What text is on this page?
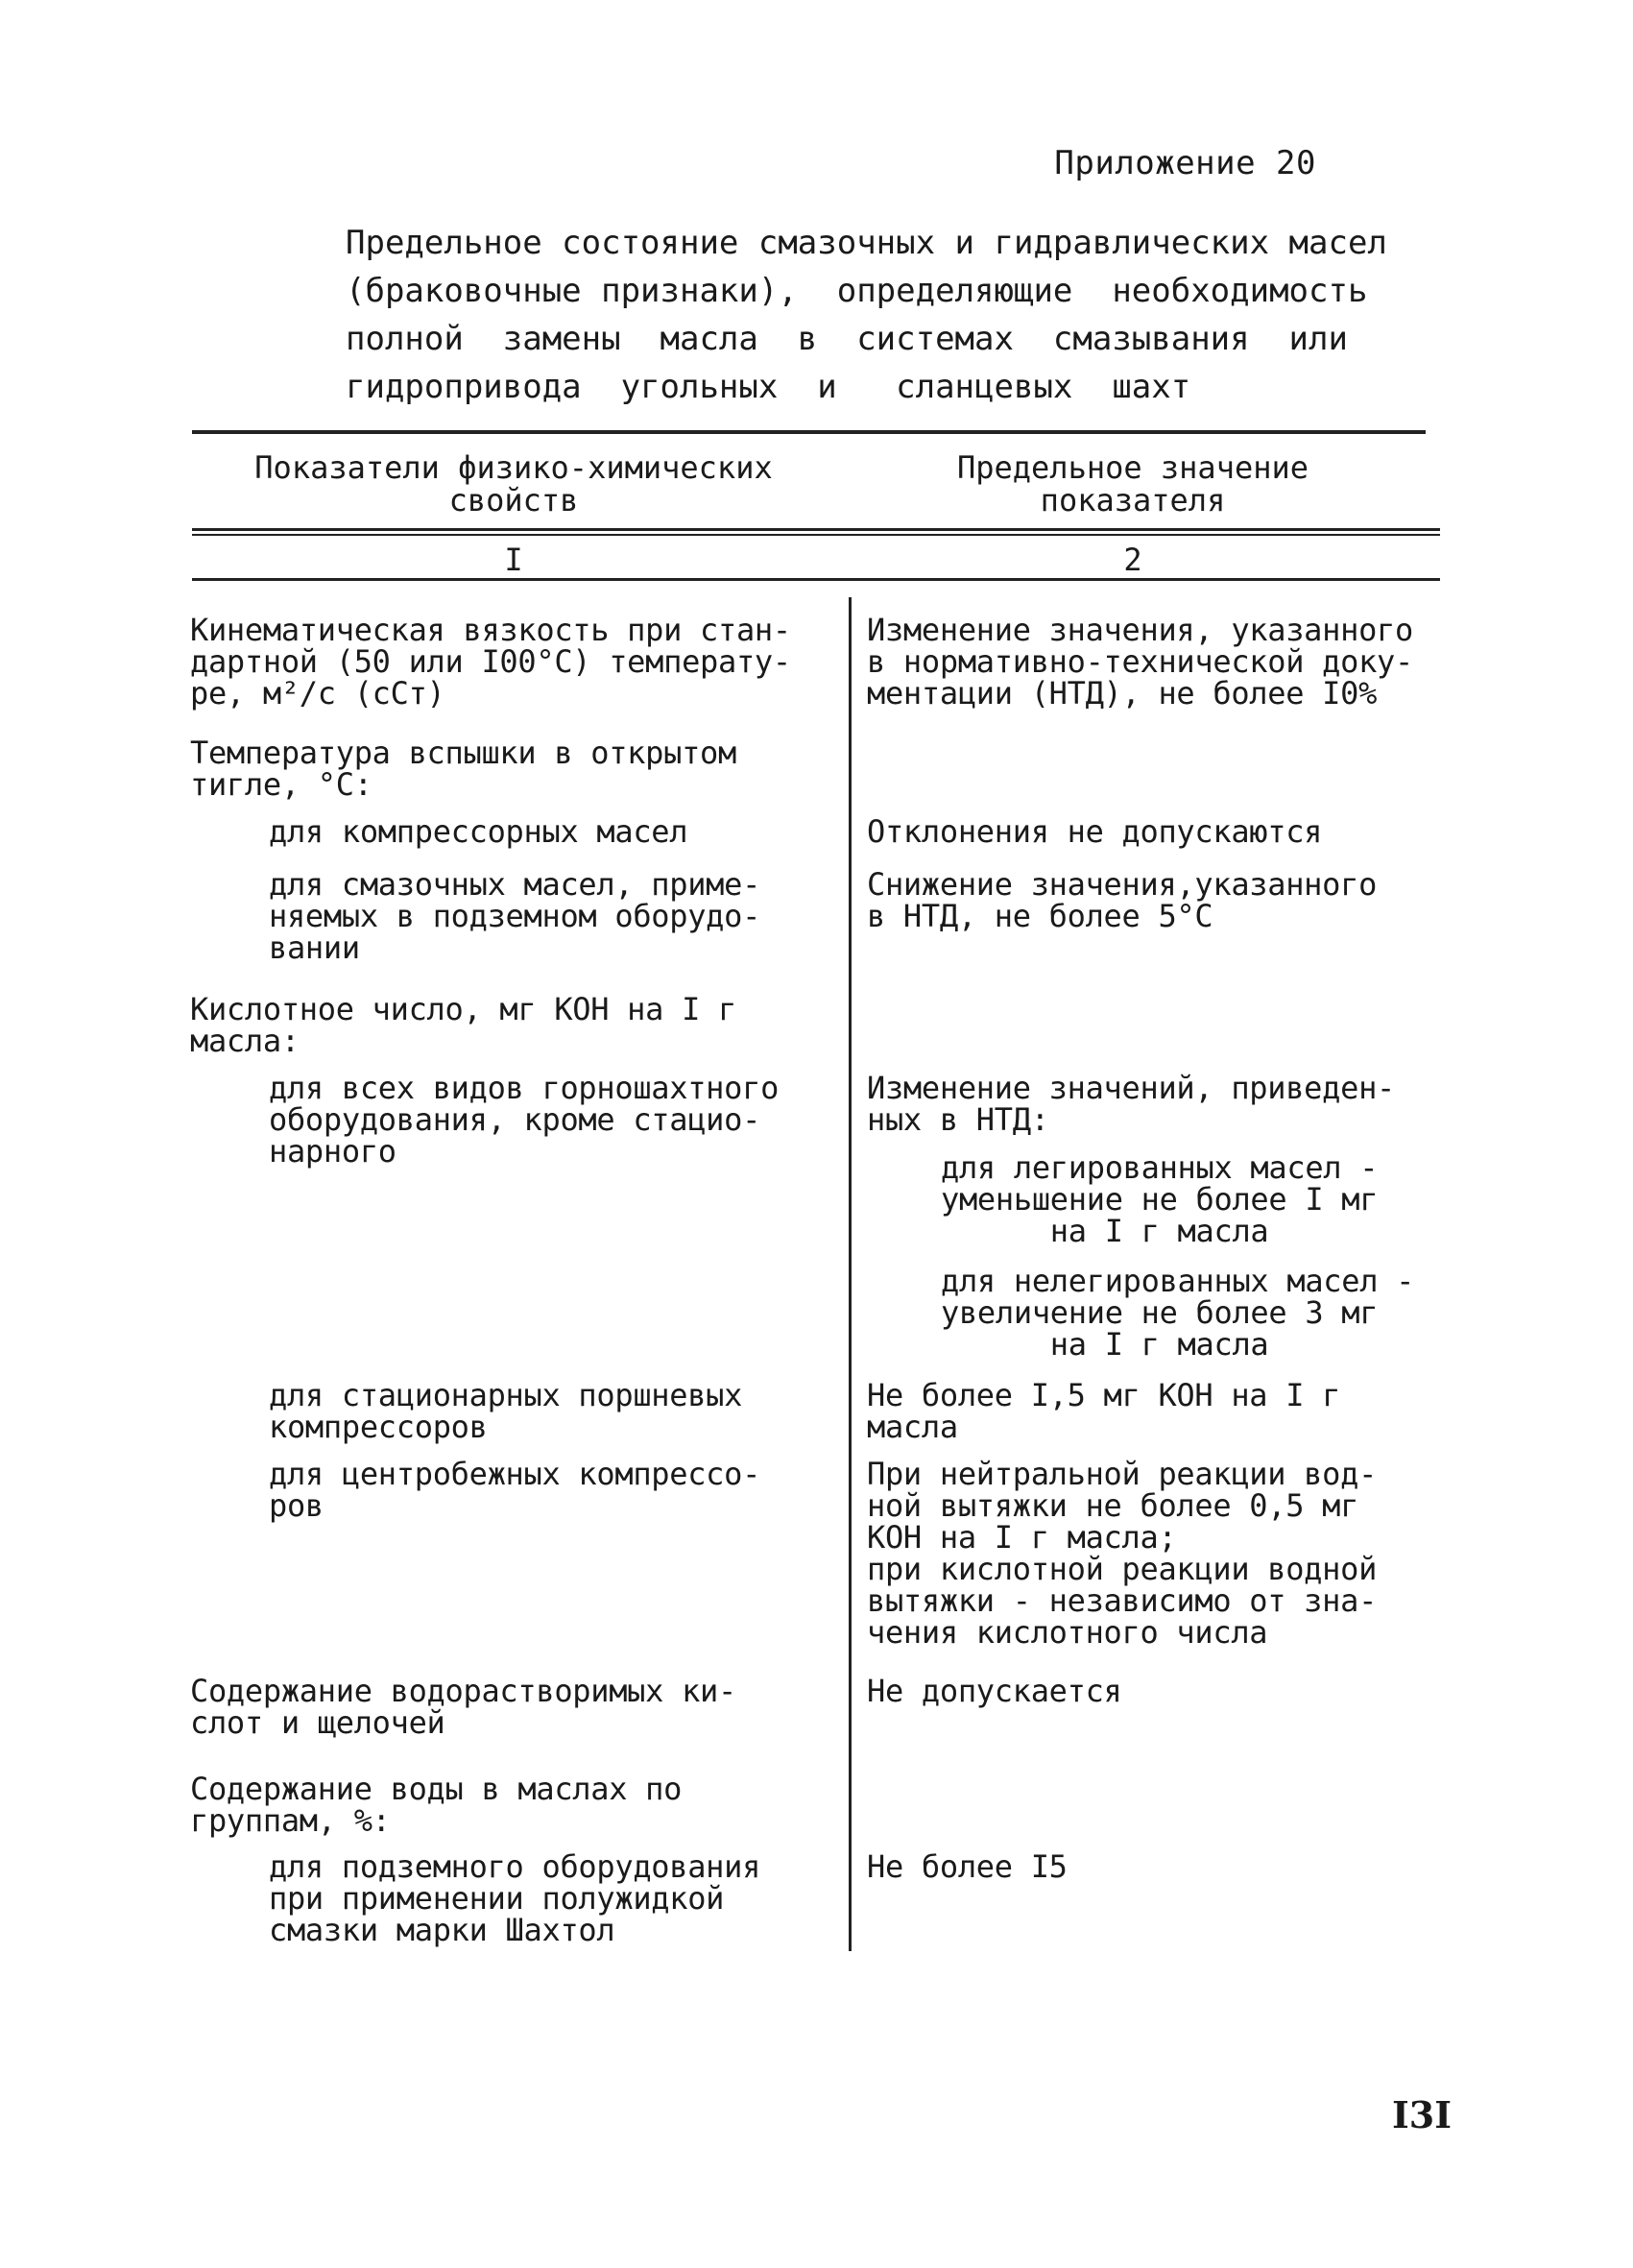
Приложение 20

Предельное состояние смазочных и гидравлических масел

(браковочные признаки),  определяющие  необходимость

полной  замены  масла  в  системах  смазывания  или

гидропривода  угольных  и   сланцевых  шахт

Показатели физико-химических
свойств
Предельное значение
показателя
I	2
Кинематическая вязкость при стан-
дартной (50 или I00°C) температу-
ре, м²/с (сСт)
Изменение значения, указанного
в нормативно-технической доку-
ментации (НТД), не более I0%
Температура вспышки в открытом
тигле, °C:
для компрессорных масел	Отклонения не допускаются
для смазочных масел, приме-
няемых в подземном оборудо-
вании
Снижение значения,указанного
в НТД, не более 5°C
Кислотное число, мг КОН на I г
масла:
для всех видов горношахтного
оборудования, кроме стацио-
нарного
Изменение значений, приведен-
ных в НТД:
для легированных масел -
уменьшение не более I мг
на I г масла
для нелегированных масел -
увеличение не более 3 мг
на I г масла
для стационарных поршневых
компрессоров
Не более I,5 мг КОН на I г
масла
для центробежных компрессо-
ров
При нейтральной реакции вод-
ной вытяжки не более 0,5 мг
КОН на I г масла;
при кислотной реакции водной
вытяжки - независимо от зна-
чения кислотного числа
Содержание водорастворимых ки-
слот и щелочей
Не допускается
Содержание воды в маслах по
группам, %:
для подземного оборудования
при применении полужидкой
смазки марки Шахтол
Не более I5
I3I
